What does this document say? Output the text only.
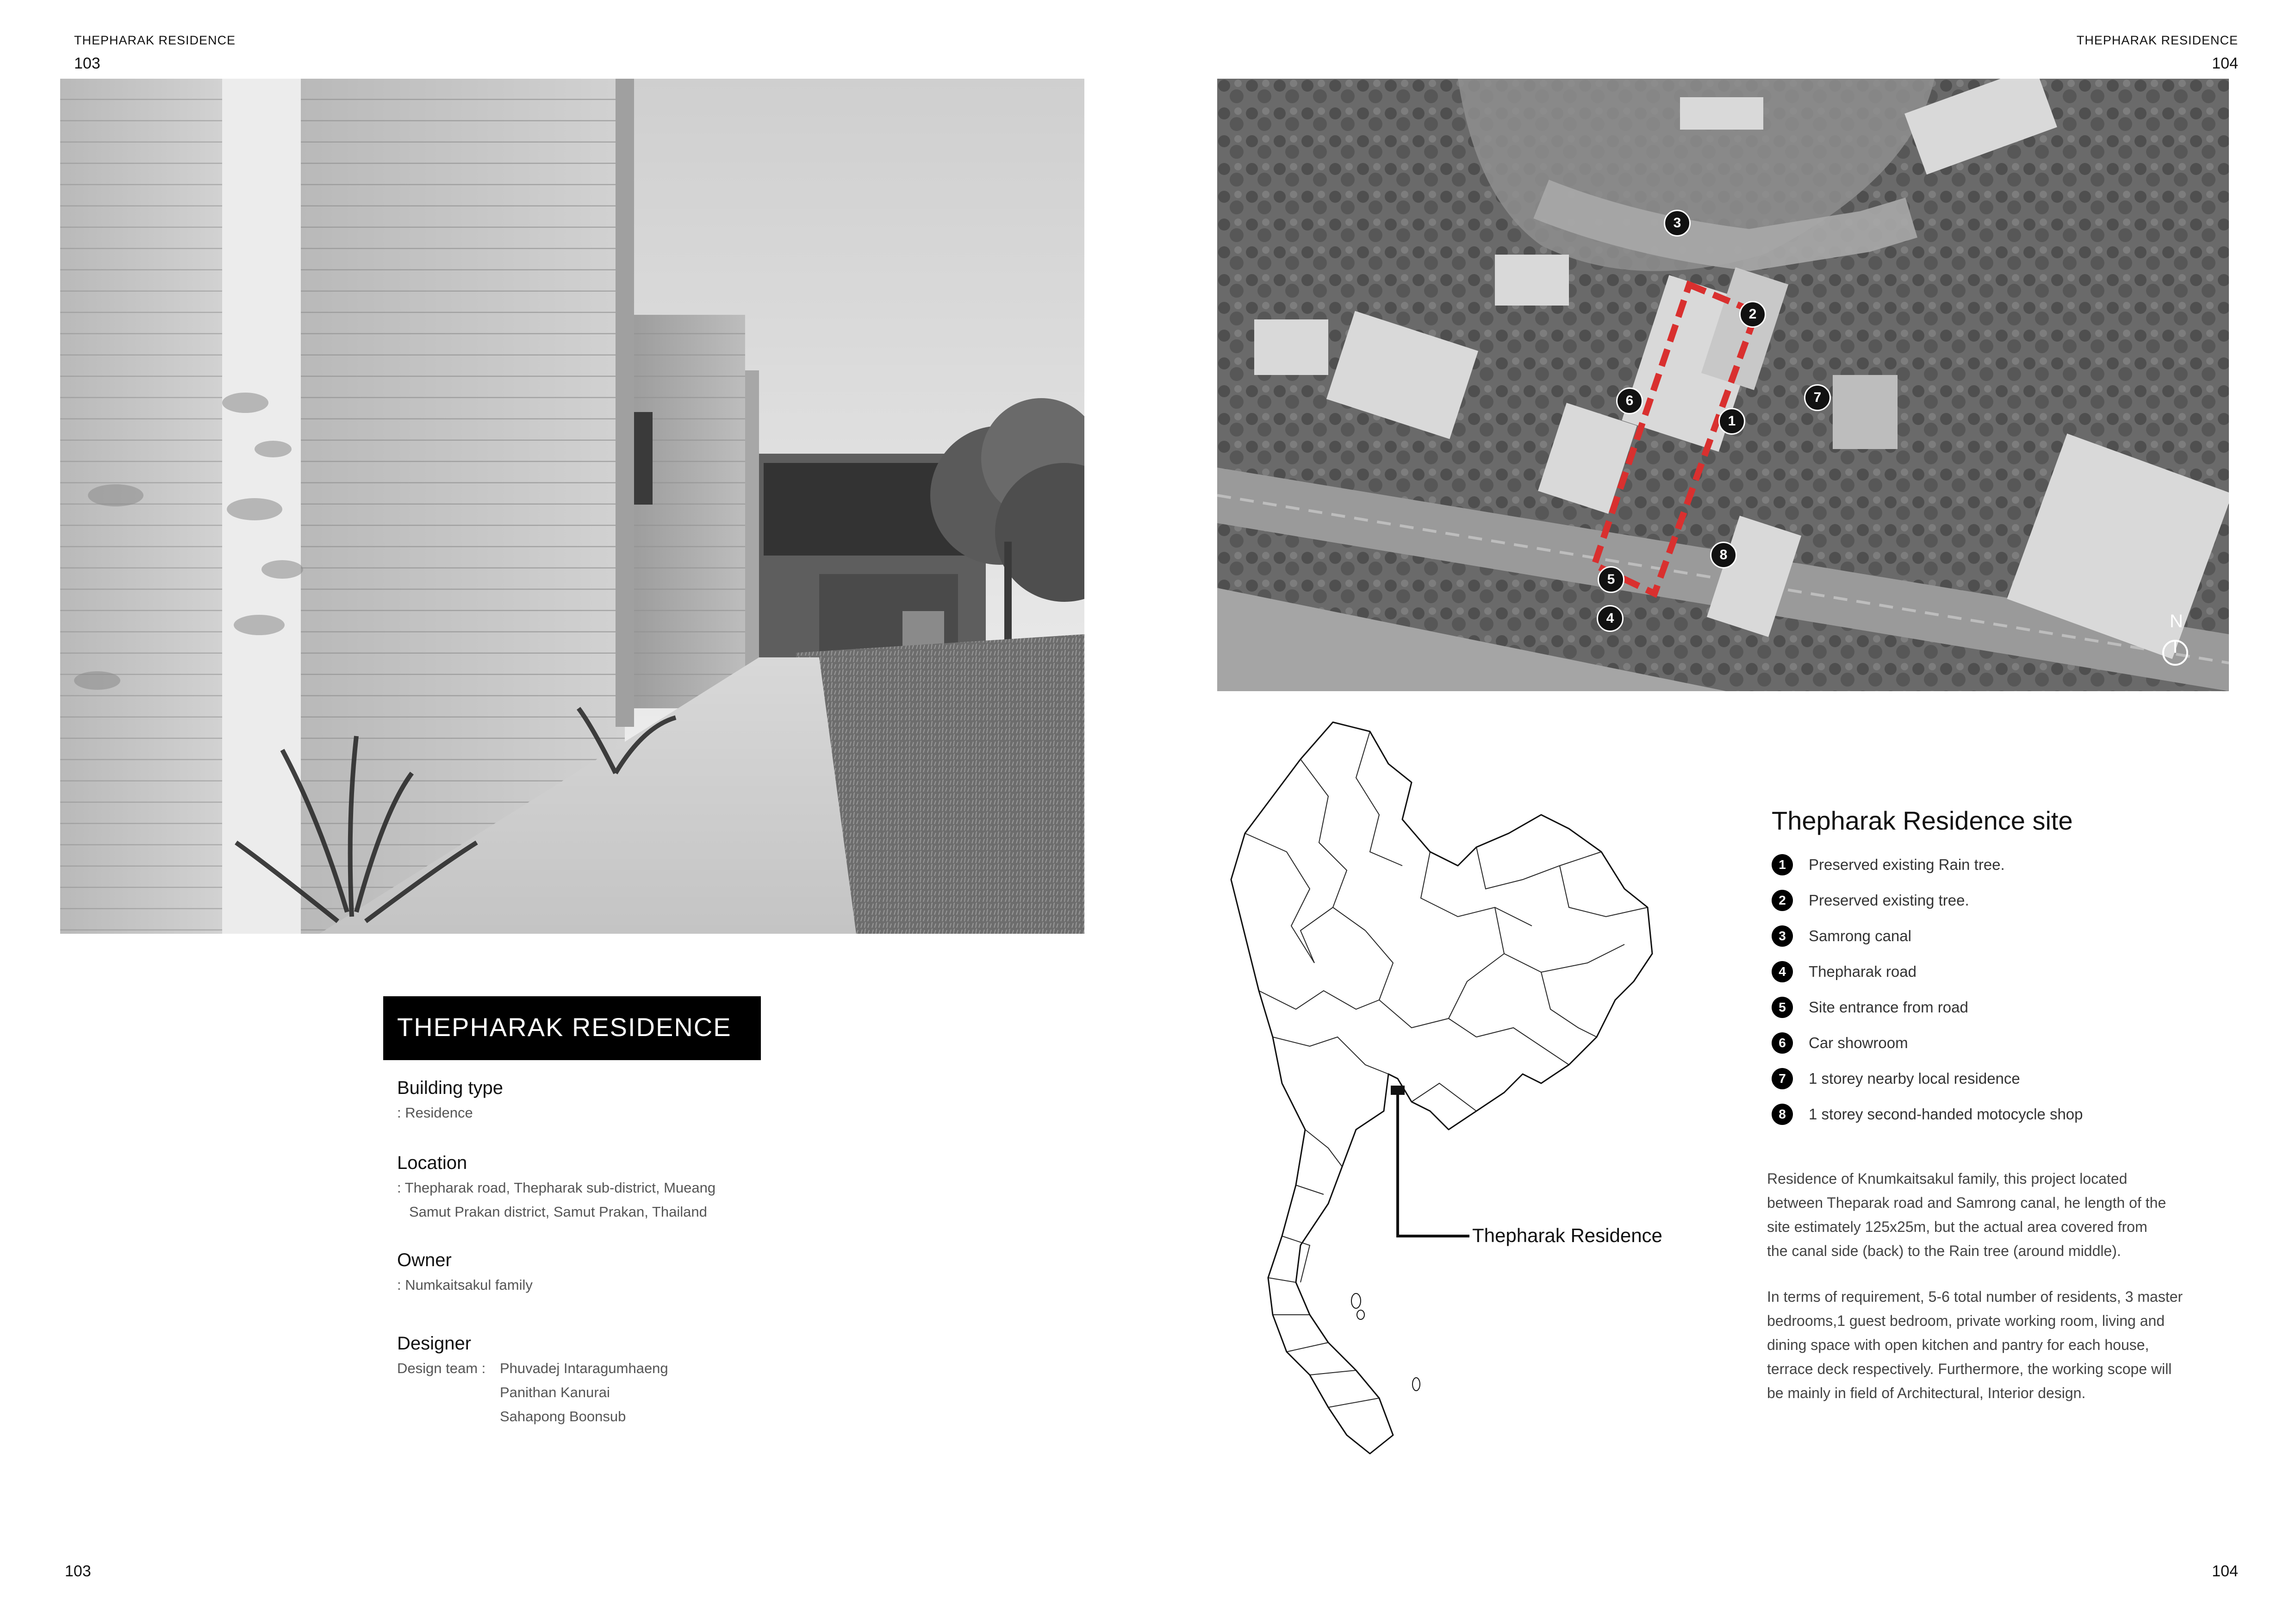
THEPHARAK RESIDENCE
103
THEPHARAK RESIDENCE
104
THEPHARAK RESIDENCE
Building type
: Residence
Location
: Thepharak road, Thepharak sub-district, Mueang
Samut Prakan district, Samut Prakan, Thailand
Owner
: Numkaitsakul family
Designer
Design team : Phuvadej Intaragumhaeng
Panithan Kanurai
Sahapong Boonsub
1
2
3
4
5
6	7
8
N
Thepharak Residence
Thepharak Residence site
1	Preserved existing Rain tree.
2	Preserved existing tree.
3	Samrong canal
4	Thepharak road
5	Site entrance from road
6	Car showroom
7	1 storey nearby local residence
8	1 storey second-handed motocycle shop
Residence of Knumkaitsakul family, this project located
between Theparak road and Samrong canal, he length of the
site estimately 125x25m, but the actual area covered from
the canal side (back) to the Rain tree (around middle).
In terms of requirement, 5-6 total number of residents, 3 master
bedrooms,1 guest bedroom, private working room, living and
dining space with open kitchen and pantry for each house,
terrace deck respectively. Furthermore, the working scope will
be mainly in field of Architectural, Interior design.
103	104
